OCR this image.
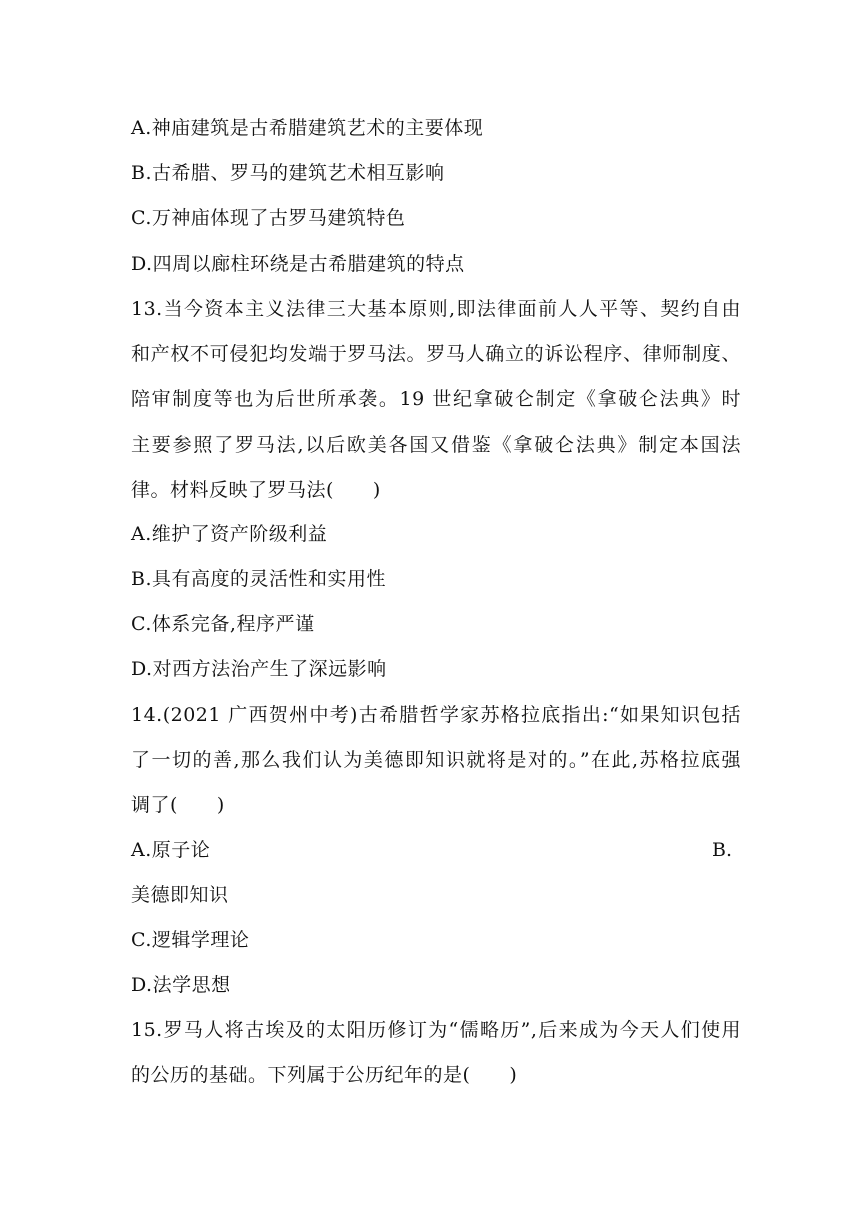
A.神庙建筑是古希腊建筑艺术的主要体现
B.古希腊、罗马的建筑艺术相互影响
C.万神庙体现了古罗马建筑特色
D.四周以廊柱环绕是古希腊建筑的特点
13.当今资本主义法律三大基本原则,即法律面前人人平等、契约自由
和产权不可侵犯均发端于罗马法。罗马人确立的诉讼程序、律师制度、
陪审制度等也为后世所承袭。19 世纪拿破仑制定《拿破仑法典》时
主要参照了罗马法,以后欧美各国又借鉴《拿破仑法典》制定本国法
律。材料反映了罗马法(　　)
A.维护了资产阶级利益
B.具有高度的灵活性和实用性
C.体系完备,程序严谨
D.对西方法治产生了深远影响
14.(2021 广西贺州中考)古希腊哲学家苏格拉底指出:“如果知识包括
了一切的善,那么我们认为美德即知识就将是对的。”在此,苏格拉底强
调了(　　)
A.原子论	B.
美德即知识
C.逻辑学理论
D.法学思想
15.罗马人将古埃及的太阳历修订为“儒略历”,后来成为今天人们使用
的公历的基础。下列属于公历纪年的是(　　)
